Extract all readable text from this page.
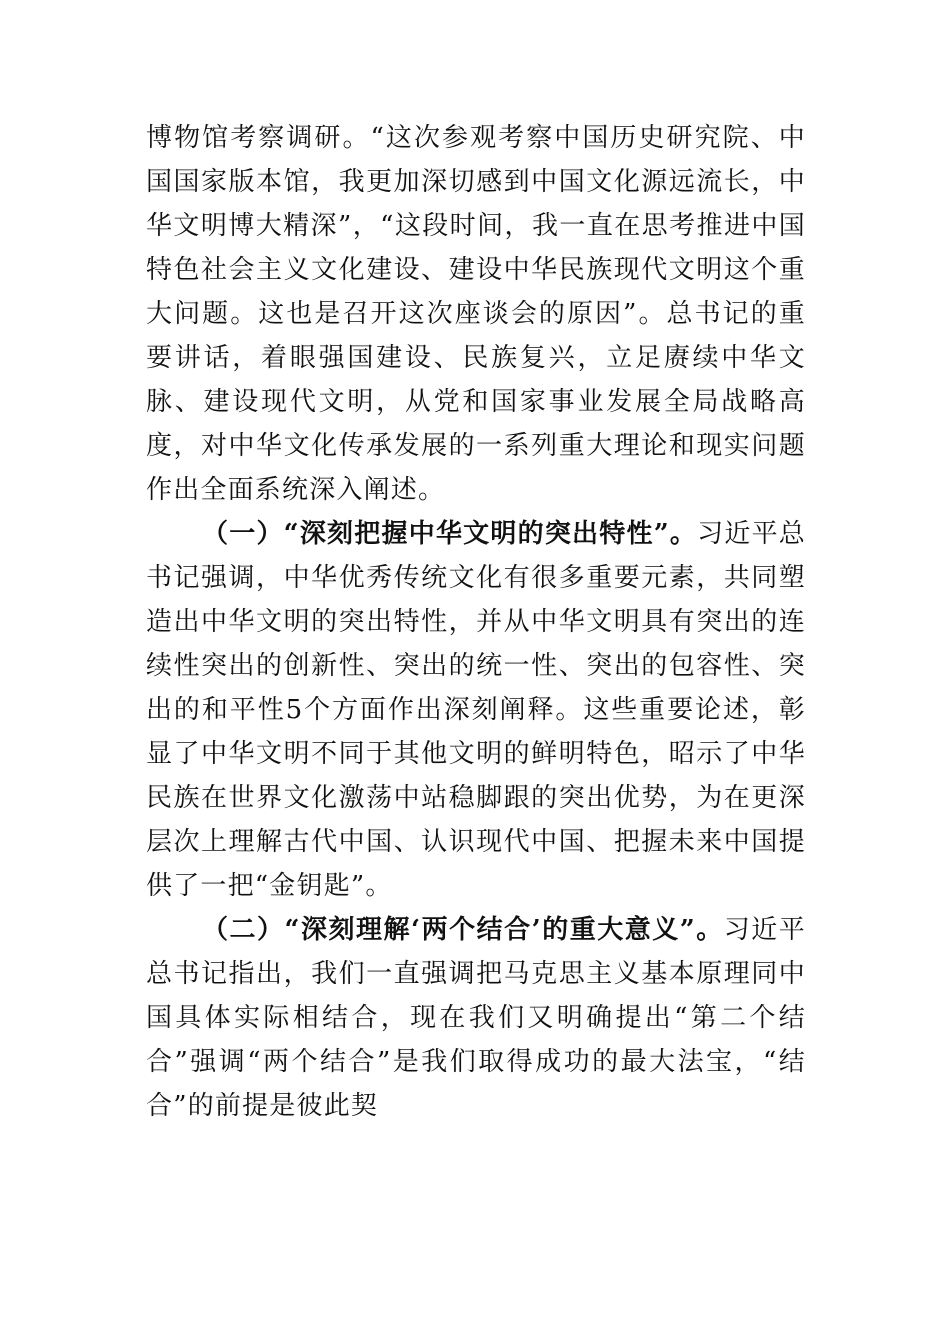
博物馆考察调研。“这次参观考察中国历史研究院、中国国家版本馆，我更加深切感到中国文化源远流长，中华文明博大精深”，“这段时间，我一直在思考推进中国特色社会主义文化建设、建设中华民族现代文明这个重大问题。这也是召开这次座谈会的原因”。总书记的重要讲话，着眼强国建设、民族复兴，立足赓续中华文脉、建设现代文明，从党和国家事业发展全局战略高度，对中华文化传承发展的一系列重大理论和现实问题作出全面系统深入阐述。

（一）“深刻把握中华文明的突出特性”。习近平总书记强调，中华优秀传统文化有很多重要元素，共同塑造出中华文明的突出特性，并从中华文明具有突出的连续性突出的创新性、突出的统一性、突出的包容性、突出的和平性5个方面作出深刻阐释。这些重要论述，彰显了中华文明不同于其他文明的鲜明特色，昭示了中华民族在世界文化激荡中站稳脚跟的突出优势，为在更深层次上理解古代中国、认识现代中国、把握未来中国提供了一把“金钥匙”。

（二）“深刻理解‘两个结合’的重大意义”。习近平总书记指出，我们一直强调把马克思主义基本原理同中国具体实际相结合，现在我们又明确提出“第二个结合”强调“两个结合”是我们取得成功的最大法宝，“结合”的前提是彼此契
